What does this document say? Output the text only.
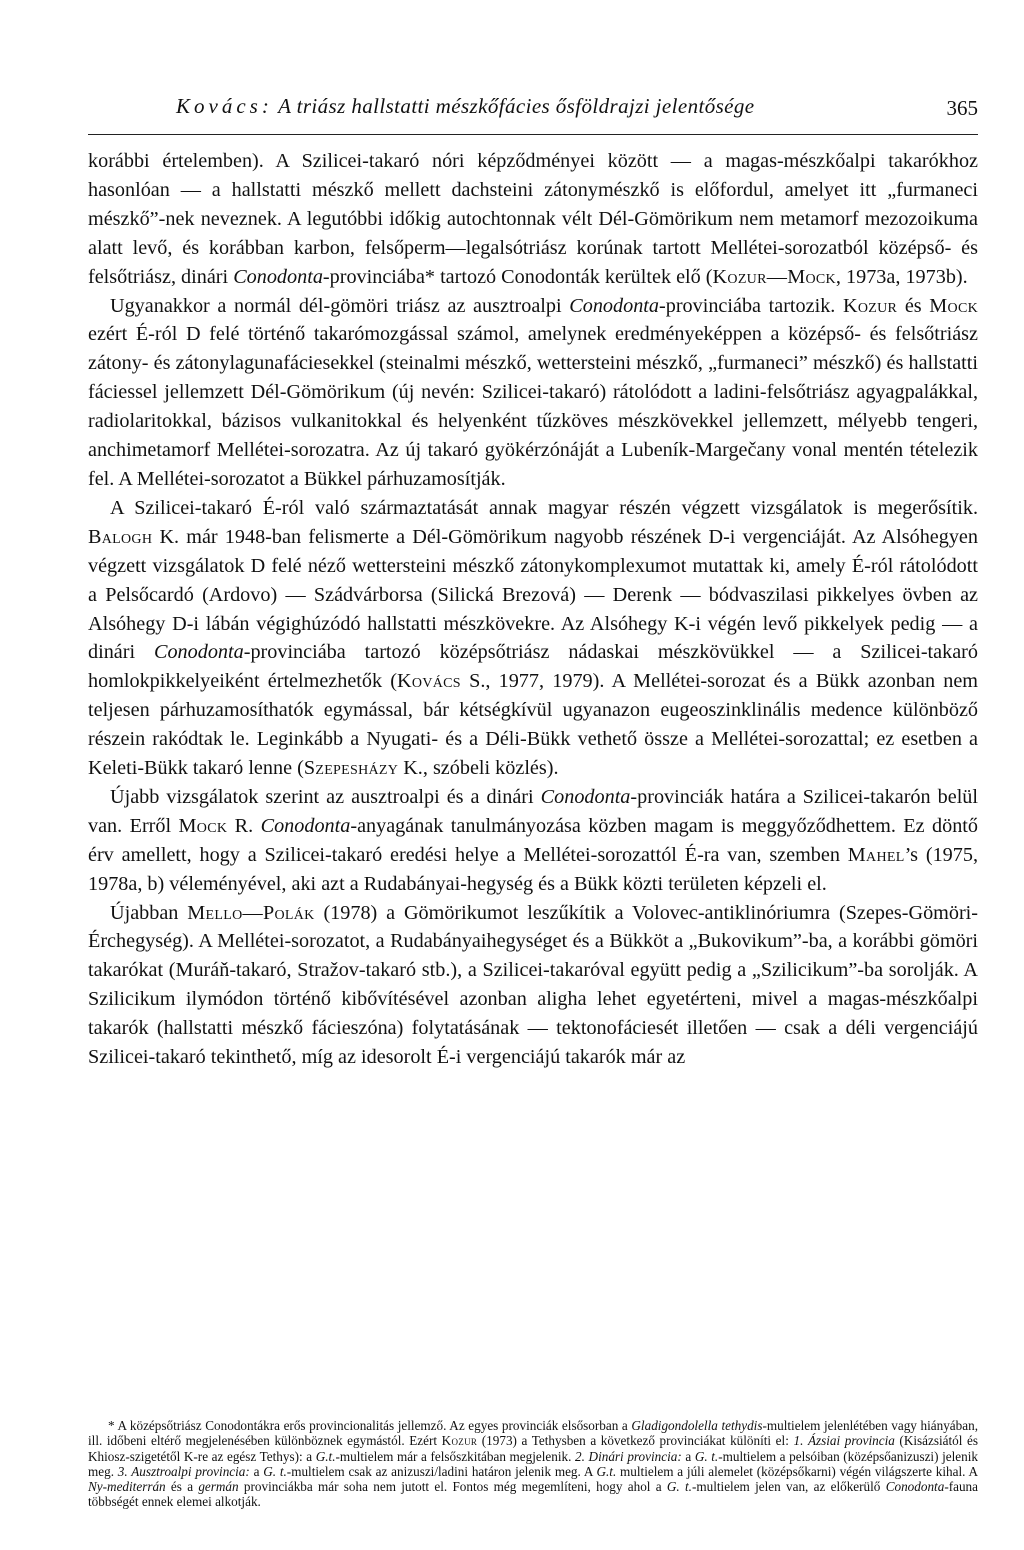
Kovács: A triász hallstatti mészkőfácies ősföldrajzi jelentősége	365

korábbi értelemben). A Szilicei-takaró nóri képződményei között — a magas-mészkőalpi takarókhoz hasonlóan — a hallstatti mészkő mellett dachsteini zátonymészkő is előfordul, amelyet itt „furmaneci mészkő”-nek neveznek. A legutóbbi időkig autochtonnak vélt Dél-Gömörikum nem metamorf mezozoikuma alatt levő, és korábban karbon, felsőperm—legalsótriász korúnak tartott Mellétei-sorozatból középső- és felsőtriász, dinári Conodonta-provinciába* tartozó Conodonták kerültek elő (Kozur—Mock, 1973a, 1973b).

Ugyanakkor a normál dél-gömöri triász az ausztroalpi Conodonta-provinciába tartozik. Kozur és Mock ezért É-ról D felé történő takarómozgással számol, amelynek eredményeképpen a középső- és felsőtriász zátony- és zátonylagunafáciesekkel (steinalmi mészkő, wettersteini mészkő, „furmaneci” mészkő) és hallstatti fáciessel jellemzett Dél-Gömörikum (új nevén: Szilicei-takaró) rátolódott a ladini-felsőtriász agyagpalákkal, radiolaritokkal, bázisos vulkanitokkal és helyenként tűzköves mészkövekkel jellemzett, mélyebb tengeri, anchimetamorf Mellétei-sorozatra. Az új takaró gyökérzónáját a Lubeník-Margečany vonal mentén tételezik fel. A Mellétei-sorozatot a Bükkel párhuzamosítják.

A Szilicei-takaró É-ról való származtatását annak magyar részén végzett vizsgálatok is megerősítik. Balogh K. már 1948-ban felismerte a Dél-Gömörikum nagyobb részének D-i vergenciáját. Az Alsóhegyen végzett vizsgálatok D felé néző wettersteini mészkő zátonykomplexumot mutattak ki, amely É-ról rátolódott a Pelsőcardó (Ardovo) — Szádvárborsa (Silická Brezová) — Derenk — bódvaszilasi pikkelyes övben az Alsóhegy D-i lábán végighúzódó hallstatti mészkövekre. Az Alsóhegy K-i végén levő pikkelyek pedig — a dinári Conodonta-provinciába tartozó középsőtriász nádaskai mészkövükkel — a Szilicei-takaró homlokpikkelyeiként értelmezhetők (Kovács S., 1977, 1979). A Mellétei-sorozat és a Bükk azonban nem teljesen párhuzamosíthatók egymással, bár kétségkívül ugyanazon eugeoszinklinális medence különböző részein rakódtak le. Leginkább a Nyugati- és a Déli-Bükk vethető össze a Mellétei-sorozattal; ez esetben a Keleti-Bükk takaró lenne (Szepesházy K., szóbeli közlés).

Újabb vizsgálatok szerint az ausztroalpi és a dinári Conodonta-provinciák határa a Szilicei-takarón belül van. Erről Mock R. Conodonta-anyagának tanulmányozása közben magam is meggyőződhettem. Ez döntő érv amellett, hogy a Szilicei-takaró eredési helye a Mellétei-sorozattól É-ra van, szemben Mahel’s (1975, 1978a, b) véleményével, aki azt a Rudabányai-hegység és a Bükk közti területen képzeli el.

Újabban Mello—Polák (1978) a Gömörikumot leszűkítik a Volovec-antiklinóriumra (Szepes-Gömöri-Érchegység). A Mellétei-sorozatot, a Rudabányaihegységet és a Bükköt a „Bukovikum”-ba, a korábbi gömöri takarókat (Muráň-takaró, Stražov-takaró stb.), a Szilicei-takaróval együtt pedig a „Szilicikum”-ba sorolják. A Szilicikum ilymódon történő kibővítésével azonban aligha lehet egyetérteni, mivel a magas-mészkőalpi takarók (hallstatti mészkő fácieszóna) folytatásának — tektonofáciesét illetően — csak a déli vergenciájú Szilicei-takaró tekinthető, míg az idesorolt É-i vergenciájú takarók már az

* A középsőtriász Conodontákra erős provincionalitás jellemző. Az egyes provinciák elsősorban a Gladigondolella tethydis-multielem jelenlétében vagy hiányában, ill. időbeni eltérő megjelenésében különböznek egymástól. Ezért Kozur (1973) a Tethysben a következő provinciákat különíti el: 1. Ázsiai provincia (Kisázsiától és Khiosz-szigetétől K-re az egész Tethys): a G.t.-multielem már a felsőszkitában megjelenik. 2. Dinári provincia: a G. t.-multielem a pelsóiban (középsőanizuszi) jelenik meg. 3. Ausztroalpi provincia: a G. t.-multielem csak az anizuszi/ladini határon jelenik meg. A G.t. multielem a júli alemelet (középsőkarni) végén világszerte kihal. A Ny-mediterrán és a germán provinciákba már soha nem jutott el. Fontos még megemlíteni, hogy ahol a G. t.-multielem jelen van, az előkerülő Conodonta-fauna többségét ennek elemei alkotják.
